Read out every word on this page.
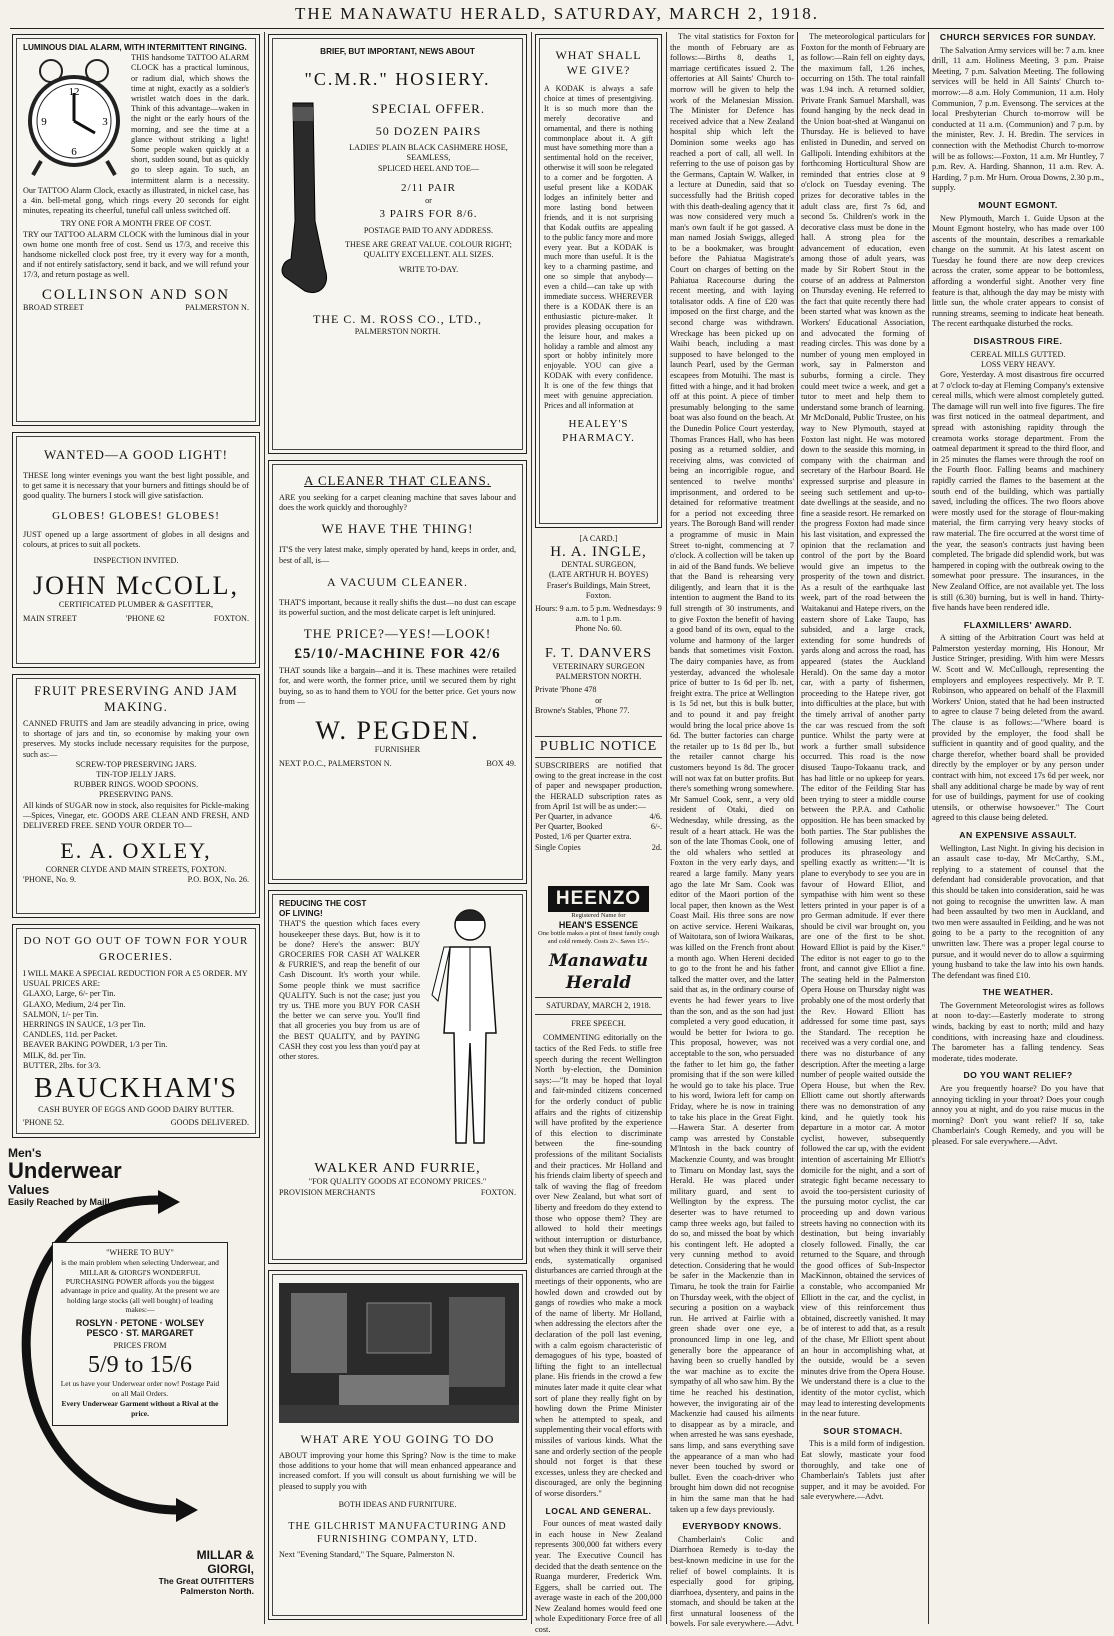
THE MANAWATU HERALD, SATURDAY, MARCH 2, 1918.
LUMINOUS DIAL ALARM, WITH INTERMITTENT RINGING.
12
3
6
9
THIS handsome TATTOO ALARM CLOCK has a practical luminous, or radium dial, which shows the time at night, exactly as a soldier's wristlet watch does in the dark. Think of this advantage—waken in the night or the early hours of the morning, and see the time at a glance without striking a light! Some people waken quickly at a short, sudden sound, but as quickly go to sleep again. To such, an intermittent alarm is a necessity. Our TATTOO Alarm Clock, exactly as illustrated, in nickel case, has a 4in. bell-metal gong, which rings every 20 seconds for eight minutes, repeating its cheerful, tuneful call unless switched off.
TRY ONE FOR A MONTH FREE OF COST.
TRY our TATTOO ALARM CLOCK with the luminous dial in your own home one month free of cost. Send us 17/3, and receive this handsome nickelled clock post free, try it every way for a month, and if not entirely satisfactory, send it back, and we will refund your 17/3, and return postage as well.
COLLINSON AND SON
BROAD STREET	PALMERSTON N.
WANTED—A GOOD LIGHT!
THESE long winter evenings you want the best light possible, and to get same it is necessary that your burners and fittings should be of good quality. The burners I stock will give satisfaction.
GLOBES! GLOBES! GLOBES!
JUST opened up a large assortment of globes in all designs and colours, at prices to suit all pockets.
INSPECTION INVITED.
JOHN McCOLL,
CERTIFICATED PLUMBER & GASFITTER,
MAIN STREET	'PHONE 62	FOXTON.
FRUIT PRESERVING AND JAM MAKING.
CANNED FRUITS and Jam are steadily advancing in price, owing to shortage of jars and tin, so economise by making your own preserves. My stocks include necessary requisites for the purpose, such as:—
SCREW-TOP PRESERVING JARS.
TIN-TOP JELLY JARS.
RUBBER RINGS. WOOD SPOONS.
PRESERVING PANS.
All kinds of SUGAR now in stock, also requisites for Pickle-making—Spices, Vinegar, etc. GOODS ARE CLEAN AND FRESH, AND DELIVERED FREE. SEND YOUR ORDER TO—
E. A. OXLEY,
CORNER CLYDE AND MAIN STREETS, FOXTON.
'PHONE, No. 9.	P.O. BOX, No. 26.
DO NOT GO OUT OF TOWN FOR YOUR GROCERIES.
I WILL MAKE A SPECIAL REDUCTION FOR A £5 ORDER. MY USUAL PRICES ARE:
GLAXO, Large, 6/- per Tin.
GLAXO, Medium, 2/4 per Tin.
SALMON, 1/- per Tin.
HERRINGS IN SAUCE, 1/3 per Tin.
CANDLES, 11d. per Packet.
BEAVER BAKING POWDER, 1/3 per Tin.
MILK, 8d. per Tin.
BUTTER, 2lbs. for 3/3.
BAUCKHAM'S
CASH BUYER OF EGGS AND GOOD DAIRY BUTTER.
'PHONE 52.	GOODS DELIVERED.
Men's
Underwear
Values
Easily Reached by Mail!
"WHERE TO BUY"
is the main problem when selecting Underwear, and MILLAR & GIORGI'S WONDERFUL PURCHASING POWER affords you the biggest advantage in price and quality. At the present we are holding large stocks (all well bought) of leading makes:—
ROSLYN · PETONE · WOLSEY
PESCO · ST. MARGARET
PRICES FROM
5/9 to 15/6
Let us have your Underwear order now! Postage Paid on all Mail Orders.
Every Underwear Garment without a Rival at the price.
MILLAR &
GIORGI,
The Great OUTFITTERS
Palmerston North.
BRIEF, BUT IMPORTANT, NEWS ABOUT
"C.M.R." HOSIERY.
SPECIAL OFFER.
50 DOZEN PAIRS
LADIES' PLAIN BLACK CASHMERE HOSE, SEAMLESS,
SPLICED HEEL AND TOE—
2/11 PAIR
or
3 PAIRS FOR 8/6.
POSTAGE PAID TO ANY ADDRESS.
THESE ARE GREAT VALUE. COLOUR RIGHT; QUALITY EXCELLENT. ALL SIZES.
WRITE TO-DAY.
THE C. M. ROSS CO., LTD.,
PALMERSTON NORTH.
A CLEANER THAT CLEANS.
ARE you seeking for a carpet cleaning machine that saves labour and does the work quickly and thoroughly?
WE HAVE THE THING!
IT'S the very latest make, simply operated by hand, keeps in order, and, best of all, is—
A VACUUM CLEANER.
THAT'S important, because it really shifts the dust—no dust can escape its powerful suction, and the most delicate carpet is left uninjured.
THE PRICE?—YES!—LOOK!
£5/10/-MACHINE FOR 42/6
THAT sounds like a bargain—and it is. These machines were retailed for, and were worth, the former price, until we secured them by right buying, so as to hand them to YOU for the better price. Get yours now from —
W. PEGDEN.
FURNISHER
NEXT P.O.C., PALMERSTON N.	BOX 49.
REDUCING THE COST OF LIVING!
THAT'S the question which faces every housekeeper these days. But, how is it to be done? Here's the answer: BUY GROCERIES FOR CASH AT WALKER & FURRIE'S, and reap the benefit of our Cash Discount. It's worth your while. Some people think we must sacrifice QUALITY. Such is not the case; just you try us. THE more you BUY FOR CASH the better we can serve you. You'll find that all groceries you buy from us are of the BEST QUALITY, and by PAYING CASH they cost you less than you'd pay at other stores.
WALKER AND FURRIE,
"FOR QUALITY GOODS AT ECONOMY PRICES."
PROVISION MERCHANTS	FOXTON.
WHAT ARE YOU GOING TO DO
ABOUT improving your home this Spring? Now is the time to make those additions to your home that will mean enhanced appearance and increased comfort. If you will consult us about furnishing we will be pleased to supply you with
BOTH IDEAS AND FURNITURE.
THE GILCHRIST MANUFACTURING AND FURNISHING COMPANY, LTD.
Next "Evening Standard," The Square, Palmerston N.
WHAT SHALL WE GIVE?
A KODAK is always a safe choice at times of presentgiving. It is so much more than the merely decorative and ornamental, and there is nothing commonplace about it. A gift must have something more than a sentimental hold on the receiver, otherwise it will soon be relegated to a corner and be forgotten. A useful present like a KODAK lodges an infinitely better and more lasting bond between friends, and it is not surprising that Kodak outfits are appealing to the public fancy more and more every year. But a KODAK is much more than useful. It is the key to a charming pastime, and one so simple that anybody—even a child—can take up with immediate success. WHEREVER there is a KODAK there is an enthusiastic picture-maker. It provides pleasing occupation for the leisure hour, and makes a holiday a ramble and almost any sport or hobby infinitely more enjoyable. YOU can give a KODAK with every confidence. It is one of the few things that meet with genuine appreciation. Prices and all information at
HEALEY'S PHARMACY.
[A CARD.]
H. A. INGLE,
DENTAL SURGEON,
(LATE ARTHUR H. BOYES)
Fraser's Buildings, Main Street, Foxton.
Hours: 9 a.m. to 5 p.m. Wednesdays: 9 a.m. to 1 p.m.
Phone No. 60.
F. T. DANVERS
VETERINARY SURGEON
PALMERSTON NORTH.
Private 'Phone 478
or
Browne's Stables, 'Phone 77.
PUBLIC NOTICE
SUBSCRIBERS are notified that owing to the great increase in the cost of paper and newspaper production, the HERALD subscription rates as from April 1st will be as under:—
Per Quarter, in advance	4/6.
Per Quarter, Booked	6/-.
Posted, 1/6 per Quarter extra.
Single Copies	2d.
HEENZO
Registered Name for
HEAN'S ESSENCE
One bottle makes a pint of finest family cough and cold remedy. Costs 2/-. Saves 15/-.
Manawatu Herald
SATURDAY, MARCH 2, 1918.
FREE SPEECH.

COMMENTING editorially on the tactics of the Red Feds. to stifle free speech during the recent Wellington North by-election, the Dominion says:—"It may be hoped that loyal and fair-minded citizens concerned for the orderly conduct of public affairs and the rights of citizenship will have profited by the experience of this election to discriminate between the fine-sounding professions of the militant Socialists and their practices. Mr Holland and his friends claim liberty of speech and talk of waving the flag of freedom over New Zealand, but what sort of liberty and freedom do they extend to those who oppose them? They are allowed to hold their meetings without interruption or disturbance, but when they think it will serve their ends, systematically organised disturbances are carried through at the meetings of their opponents, who are howled down and crowded out by gangs of rowdies who make a mock of the name of liberty. Mr Holland, when addressing the electors after the declaration of the poll last evening, with a calm egoism characteristic of demagogues of his type, boasted of lifting the fight to an intellectual plane. His friends in the crowd a few minutes later made it quite clear what sort of plane they really fight on by howling down the Prime Minister when he attempted to speak, and supplementing their vocal efforts with missiles of various kinds. What the sane and orderly section of the people should not forget is that these excesses, unless they are checked and discouraged, are only the beginning of worse disorders."

LOCAL AND GENERAL.

Four ounces of meat wasted daily in each house in New Zealand represents 300,000 fat withers every year. The Executive Council has decided that the death sentence on the Ruanga murderer, Frederick Wm. Eggers, shall be carried out. The average waste in each of the 200,000 New Zealand homes would feed one whole Expeditionary Force free of all cost.

The vital statistics for Foxton for the month of February are as follows:—Births 8, deaths 1, marriage certificates issued 2. The offertories at All Saints' Church to-morrow will be given to help the work of the Melanesian Mission. The Minister for Defence has received advice that a New Zealand hospital ship which left the Dominion some weeks ago has reached a port of call, all well. In referring to the use of poison gas by the Germans, Captain W. Walker, in a lecture at Dunedin, said that so successfully had the British coped with this death-dealing agency that it was now considered very much a man's own fault if he got gassed. A man named Josiah Swiggs, alleged to be a bookmaker, was brought before the Pahiatua Magistrate's Court on charges of betting on the Pahiatua Racecourse during the recent meeting, and with laying totalisator odds. A fine of £20 was imposed on the first charge, and the second charge was withdrawn. Wreckage has been picked up on Waihi beach, including a mast supposed to have belonged to the launch Pearl, used by the German escapees from Motuihi. The mast is fitted with a hinge, and it had broken off at this point. A piece of timber presumably belonging to the same boat was also found on the beach. At the Dunedin Police Court yesterday, Thomas Frances Hall, who has been posing as a returned soldier, and receiving alms, was convicted of being an incorrigible rogue, and sentenced to twelve months' imprisonment, and ordered to be detained for reformative treatment for a period not exceeding three years. The Borough Band will render a programme of music in Main Street to-night, commencing at 7 o'clock. A collection will be taken up in aid of the Band funds. We believe that the Band is rehearsing very diligently, and learn that it is the intention to augment the Band to its full strength of 30 instruments, and to give Foxton the benefit of having a good band of its own, equal to the volume and harmony of the larger bands that sometimes visit Foxton. The dairy companies have, as from yesterday, advanced the wholesale price of butter to 1s 6d per lb. net, freight extra. The price at Wellington is 1s 5d net, but this is bulk butter, and to pound it and pay freight would bring the local price above 1s 6d. The butter factories can charge the retailer up to 1s 8d per lb., but the retailer cannot charge his customers beyond 1s 8d. The grocer will not wax fat on butter profits. But there's something wrong somewhere. Mr Samuel Cook, senr., a very old resident of Otaki, died on Wednesday, while dressing, as the result of a heart attack. He was the son of the late Thomas Cook, one of the old whalers who settled at Foxton in the very early days, and reared a large family. Many years ago the late Mr Sam. Cook was editor of the Maori portion of the local paper, then known as the West Coast Mail. His three sons are now on active service. Hereni Waikaras, of Waitotara, son of Iwiora Waikaras, was killed on the French front about a month ago. When Hereni decided to go to the front he and his father talked the matter over, and the latter said that as, in the ordinary course of events he had fewer years to live than the son, and as the son had just completed a very good education, it would be better for Iwiora to go. This proposal, however, was not acceptable to the son, who persuaded the father to let him go, the father promising that if the son were killed he would go to take his place. True to his word, Iwiora left for camp on Friday, where he is now in training to take his place in the Great Fight.—Hawera Star. A deserter from camp was arrested by Constable M'Intosh in the back country of Mackenzie County, and was brought to Timaru on Monday last, says the Herald. He was placed under military guard, and sent to Wellington by the express. The deserter was to have returned to camp three weeks ago, but failed to do so, and missed the boat by which his contingent left. He adopted a very cunning method to avoid detection. Considering that he would be safer in the Mackenzie than in Timaru, he took the train for Fairlie on Thursday week, with the object of securing a position on a wayback run. He arrived at Fairlie with a green shade over one eye, a pronounced limp in one leg, and generally bore the appearance of having been so cruelly handled by the war machine as to excite the sympathy of all who saw him. By the time he reached his destination, however, the invigorating air of the Mackenzie had caused his ailments to disappear as by a miracle, and when arrested he was sans eyeshade, sans limp, and sans everything save the appearance of a man who had never been touched by sword or bullet. Even the coach-driver who brought him down did not recognise in him the same man that he had taken up a few days previously.

EVERYBODY KNOWS.

Chamberlain's Colic and Diarrhoea Remedy is to-day the best-known medicine in use for the relief of bowel complaints. It is especially good for griping, diarrhoea, dysentery, and pains in the stomach, and should be taken at the first unnatural looseness of the bowels. For sale everywhere.—Advt.

The meteorological particulars for Foxton for the month of February are as follow:—Rain fell on eighty days, the maximum fall, 1.26 inches, occurring on 15th. The total rainfall was 1.94 inch. A returned soldier, Private Frank Samuel Marshall, was found hanging by the neck dead in the Union boat-shed at Wanganui on Thursday. He is believed to have enlisted in Dunedin, and served on Gallipoli. Intending exhibitors at the forthcoming Horticultural Show are reminded that entries close at 9 o'clock on Tuesday evening. The prizes for decorative tables in the adult class are, first 7s 6d, and second 5s. Children's work in the decorative class must be done in the hall. A strong plea for the advancement of education, even among those of adult years, was made by Sir Robert Stout in the course of an address at Palmerston on Thursday evening. He referred to the fact that quite recently there had been started what was known as the Workers' Educational Association, and advocated the forming of reading circles. This was done by a number of young men employed in work, say in Palmerston and suburbs, forming a circle. They could meet twice a week, and get a tutor to meet and help them to understand some branch of learning. Mr McDonald, Public Trustee, on his way to New Plymouth, stayed at Foxton last night. He was motored down to the seaside this morning, in company with the chairman and secretary of the Harbour Board. He expressed surprise and pleasure in seeing such settlement and up-to-date dwellings at the seaside, and no fine a seaside resort. He remarked on the progress Foxton had made since his last visitation, and expressed the opinion that the reclamation and control of the port by the Board would give an impetus to the prosperity of the town and district. As a result of the earthquake last week, part of the road between the Waitakanui and Hatepe rivers, on the eastern shore of Lake Taupo, has subsided, and a large crack, extending for some hundreds of yards along and across the road, has appeared (states the Auckland Herald). On the same day a motor car, with a party of fishermen, proceeding to the Hatepe river, got into difficulties at the place, but with the timely arrival of another party the car was rescued from the soft puntice. Whilst the party were at work a further small subsidence occurred. This road is the now disused Taupo-Tokaanu track, and has had little or no upkeep for years. The editor of the Feilding Star has been trying to steer a middle course between the P.P.A. and Catholic opposition. He has been smacked by both parties. The Star publishes the following amusing letter, and produces its phraseology and spelling exactly as written:—"It is plane to everybody to see you are in favour of Howard Elliot, and sympathise with him went so these letters printed in your paper is of a pro German admitude. If ever there should be civil war brought on, you are one of the first to be shot. Howard Elliot is paid by the Kiser." The editor is not eager to go to the front, and cannot give Elliot a fine. The seating held in the Palmerston Opera House on Thursday night was probably one of the most orderly that the Rev. Howard Elliott has addressed for some time past, says the Standard. The reception he received was a very cordial one, and there was no disturbance of any description. After the meeting a large number of people waited outside the Opera House, but when the Rev. Elliott came out shortly afterwards there was no demonstration of any kind, and he quietly took his departure in a motor car. A motor cyclist, however, subsequently followed the car up, with the evident intention of ascertaining Mr Elliott's domicile for the night, and a sort of strategic fight became necessary to avoid the too-persistent curiosity of the pursuing motor cyclist, the car proceeding up and down various streets having no connection with its destination, but being invariably closely followed. Finally, the car returned to the Square, and through the good offices of Sub-Inspector MacKinnon, obtained the services of a constable, who accompanied Mr Elliott in the car, and the cyclist, in view of this reinforcement thus obtained, discreetly vanished. It may be of interest to add that, as a result of the chase, Mr Elliott spent about an hour in accomplishing what, at the outside, would be a seven minutes drive from the Opera House. We understand there is a clue to the identity of the motor cyclist, which may lead to interesting developments in the near future.

SOUR STOMACH.

This is a mild form of indigestion. Eat slowly, masticate your food thoroughly, and take one of Chamberlain's Tablets just after supper, and it may be avoided. For sale everywhere.—Advt.

CHURCH SERVICES FOR SUNDAY.

The Salvation Army services will be: 7 a.m. knee drill, 11 a.m. Holiness Meeting, 3 p.m. Praise Meeting, 7 p.m. Salvation Meeting. The following services will be held in All Saints' Church to-morrow:—8 a.m. Holy Communion, 11 a.m. Holy Communion, 7 p.m. Evensong. The services at the local Presbyterian Church to-morrow will be conducted at 11 a.m. (Communion) and 7 p.m. by the minister, Rev. J. H. Bredin. The services in connection with the Methodist Church to-morrow will be as follows:—Foxton, 11 a.m. Mr Huntley, 7 p.m. Rev. A. Harding. Shannon, 11 a.m. Rev. A. Harding, 7 p.m. Mr Hurn. Oroua Downs, 2.30 p.m., supply.

MOUNT EGMONT.

New Plymouth, March 1. Guide Upson at the Mount Egmont hostelry, who has made over 100 ascents of the mountain, describes a remarkable change on the summit. At his latest ascent on Tuesday he found there are now deep crevices across the crater, some appear to be bottomless, affording a wonderful sight. Another very fine feature is that, although the day may be misty with little sun, the whole crater appears to consist of running streams, seeming to indicate heat beneath. The recent earthquake disturbed the rocks.

DISASTROUS FIRE.
CEREAL MILLS GUTTED.
LOSS VERY HEAVY.

Gore, Yesterday. A most disastrous fire occurred at 7 o'clock to-day at Fleming Company's extensive cereal mills, which were almost completely gutted. The damage will run well into five figures. The fire was first noticed in the oatmeal department, and spread with astonishing rapidity through the creamota works storage department. From the oatmeal department it spread to the third floor, and in 25 minutes the flames were through the roof on the Fourth floor. Falling beams and machinery rapidly carried the flames to the basement at the south end of the building, which was partially saved, including the offices. The two floors above were mostly used for the storage of flour-making material, the firm carrying very heavy stocks of raw material. The fire occurred at the worst time of the year, the season's contracts just having been completed. The brigade did splendid work, but was hampered in coping with the outbreak owing to the somewhat poor pressure. The insurances, in the New Zealand Office, are not available yet. The loss is still (6.30) burning, but is well in hand. Thirty-five hands have been rendered idle.

FLAXMILLERS' AWARD.

A sitting of the Arbitration Court was held at Palmerston yesterday morning, His Honour, Mr Justice Stringer, presiding. With him were Messrs W. Scott and W. McCullough, representing the employers and employees respectively. Mr P. T. Robinson, who appeared on behalf of the Flaxmill Workers' Union, stated that he had been instructed to agree to clause 7 being deleted from the award. The clause is as follows:—"Where board is provided by the employer, the food shall be sufficient in quantity and of good quality, and the charge therefor, whether board shall be provided directly by the employer or by any person under contract with him, not exceed 17s 6d per week, nor shall any additional charge be made by way of rent for use of buildings, payment for use of cooking utensils, or otherwise howsoever." The Court agreed to this clause being deleted.

AN EXPENSIVE ASSAULT.

Wellington, Last Night. In giving his decision in an assault case to-day, Mr McCarthy, S.M., replying to a statement of counsel that the defendant had considerable provocation, and that this should be taken into consideration, said he was not going to recognise the unwritten law. A man had been assaulted by two men in Auckland, and two men were assaulted in Feilding, and he was not going to be a party to the recognition of any unwritten law. There was a proper legal course to pursue, and it would never do to allow a squirming young husband to take the law into his own hands. The defendant was fined £10.

THE WEATHER.

The Government Meteorologist wires as follows at noon to-day:—Easterly moderate to strong winds, backing by east to north; mild and hazy conditions, with increasing haze and cloudiness. The barometer has a falling tendency. Seas moderate, tides moderate.

DO YOU WANT RELIEF?

Are you frequently hoarse? Do you have that annoying tickling in your throat? Does your cough annoy you at night, and do you raise mucus in the morning? Don't you want relief? If so, take Chamberlain's Cough Remedy, and you will be pleased. For sale everywhere.—Advt.
